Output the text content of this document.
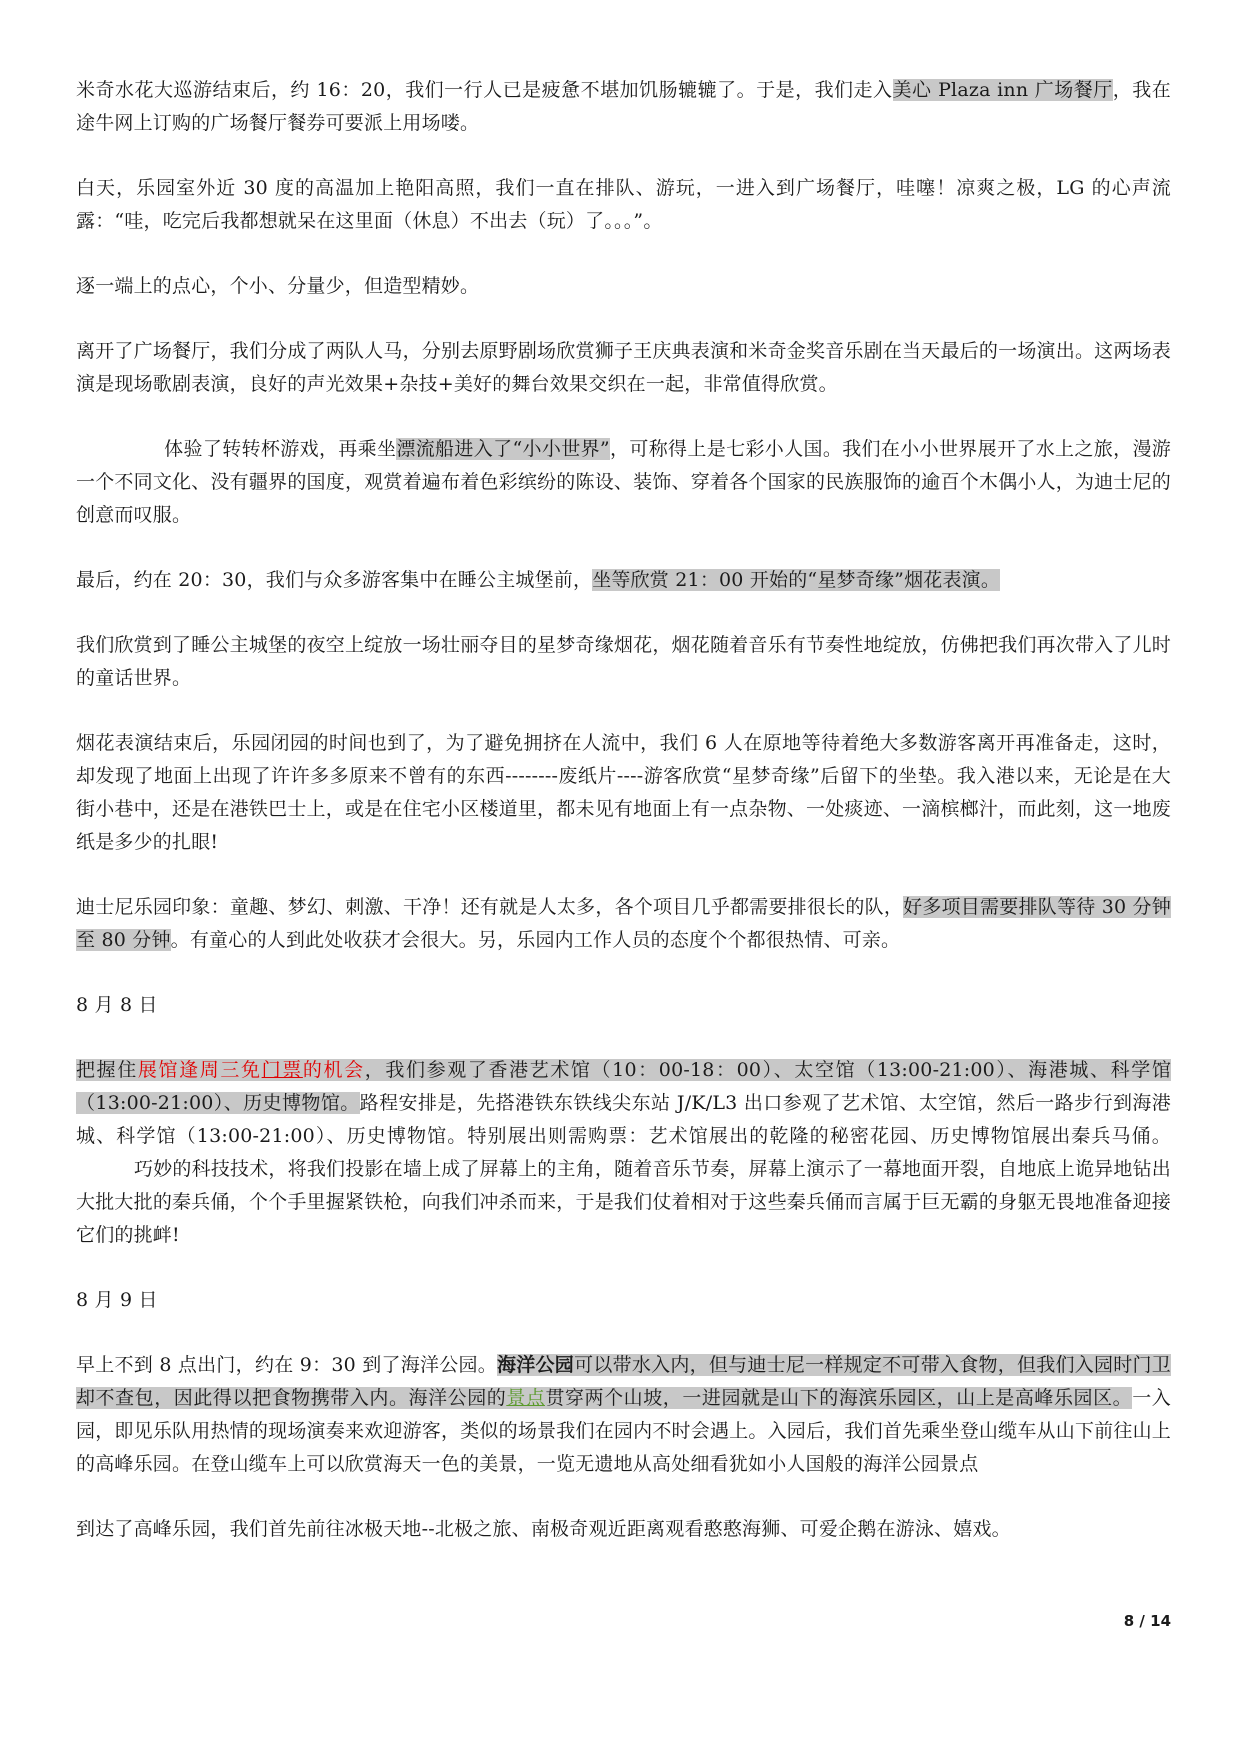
米奇水花大巡游结束后，约 16：20，我们一行人已是疲惫不堪加饥肠辘辘了。于是，我们走入美心 Plaza inn 广场餐厅，我在途牛网上订购的广场餐厅餐券可要派上用场喽。

白天，乐园室外近 30 度的高温加上艳阳高照，我们一直在排队、游玩，一进入到广场餐厅，哇噻！凉爽之极，LG 的心声流露：“哇，吃完后我都想就呆在这里面（休息）不出去（玩）了。。。”。

逐一端上的点心，个小、分量少，但造型精妙。

离开了广场餐厅，我们分成了两队人马，分别去原野剧场欣赏狮子王庆典表演和米奇金奖音乐剧在当天最后的一场演出。这两场表演是现场歌剧表演，良好的声光效果+杂技+美好的舞台效果交织在一起，非常值得欣赏。

体验了转转杯游戏，再乘坐漂流船进入了“小小世界”，可称得上是七彩小人国。我们在小小世界展开了水上之旅，漫游一个不同文化、没有疆界的国度，观赏着遍布着色彩缤纷的陈设、装饰、穿着各个国家的民族服饰的逾百个木偶小人，为迪士尼的创意而叹服。

最后，约在 20：30，我们与众多游客集中在睡公主城堡前，坐等欣赏 21：00 开始的“星梦奇缘”烟花表演。

我们欣赏到了睡公主城堡的夜空上绽放一场壮丽夺目的星梦奇缘烟花，烟花随着音乐有节奏性地绽放，仿佛把我们再次带入了儿时的童话世界。

烟花表演结束后，乐园闭园的时间也到了，为了避免拥挤在人流中，我们 6 人在原地等待着绝大多数游客离开再准备走，这时，却发现了地面上出现了许许多多原来不曾有的东西--------废纸片----游客欣赏“星梦奇缘”后留下的坐垫。我入港以来，无论是在大街小巷中，还是在港铁巴士上，或是在住宅小区楼道里，都未见有地面上有一点杂物、一处痰迹、一滴槟榔汁，而此刻，这一地废纸是多少的扎眼!

迪士尼乐园印象：童趣、梦幻、刺激、干净！还有就是人太多，各个项目几乎都需要排很长的队，好多项目需要排队等待 30 分钟至 80 分钟。有童心的人到此处收获才会很大。另，乐园内工作人员的态度个个都很热情、可亲。

8 月 8 日

把握住展馆逢周三免门票的机会，我们参观了香港艺术馆（10：00-18：00）、太空馆（13:00-21:00）、海港城、科学馆（13:00-21:00）、历史博物馆。路程安排是，先搭港铁东铁线尖东站 J/K/L3 出口参观了艺术馆、太空馆，然后一路步行到海港城、科学馆（13:00-21:00）、历史博物馆。特别展出则需购票：艺术馆展出的乾隆的秘密花园、历史博物馆展出秦兵马俑。巧妙的科技技术，将我们投影在墙上成了屏幕上的主角，随着音乐节奏，屏幕上演示了一幕地面开裂，自地底上诡异地钻出大批大批的秦兵俑，个个手里握紧铁枪，向我们冲杀而来，于是我们仗着相对于这些秦兵俑而言属于巨无霸的身躯无畏地准备迎接它们的挑衅!

8 月 9 日

早上不到 8 点出门，约在 9：30 到了海洋公园。海洋公园可以带水入内，但与迪士尼一样规定不可带入食物，但我们入园时门卫却不查包，因此得以把食物携带入内。海洋公园的景点贯穿两个山坡，一进园就是山下的海滨乐园区，山上是高峰乐园区。一入园，即见乐队用热情的现场演奏来欢迎游客，类似的场景我们在园内不时会遇上。入园后，我们首先乘坐登山缆车从山下前往山上的高峰乐园。在登山缆车上可以欣赏海天一色的美景，一览无遗地从高处细看犹如小人国般的海洋公园景点

到达了高峰乐园，我们首先前往冰极天地--北极之旅、南极奇观近距离观看憨憨海狮、可爱企鹅在游泳、嬉戏。

8 / 14
